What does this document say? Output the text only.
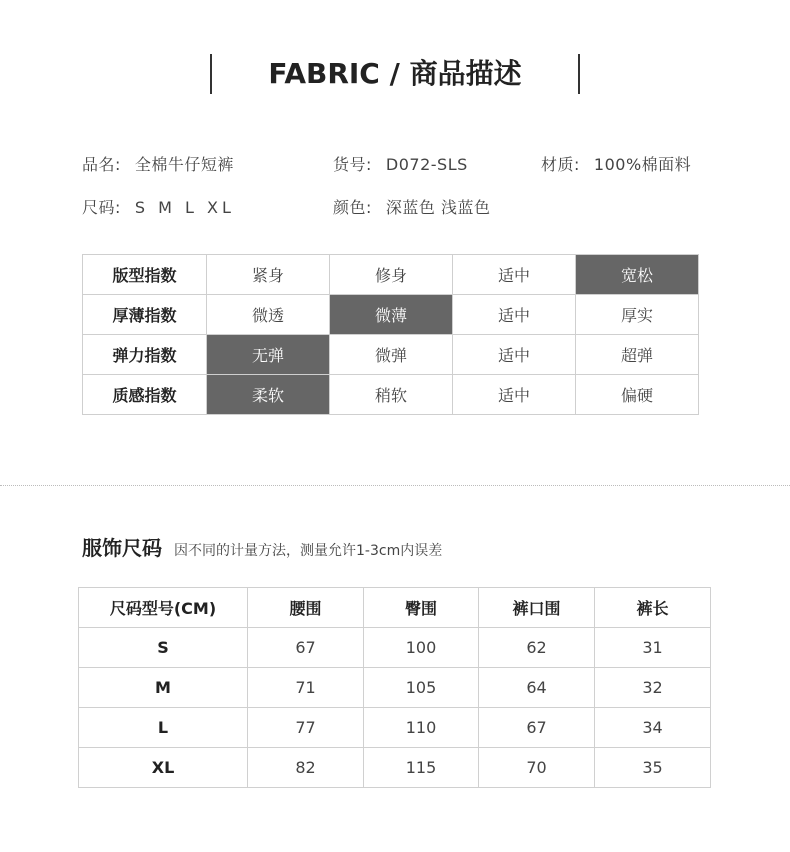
FABRIC / 商品描述
品名: 全棉牛仔短裤	货号: D072-SLS	材质: 100%棉面料
尺码: S M L XL	颜色: 深蓝色 浅蓝色
版型指数	紧身	修身	适中	宽松
厚薄指数	微透	微薄	适中	厚实
弹力指数	无弹	微弹	适中	超弹
质感指数	柔软	稍软	适中	偏硬
服饰尺码 因不同的计量方法，测量允许1-3cm内误差
尺码型号(CM)	腰围	臀围	裤口围	裤长
S	67	100	62	31
M	71	105	64	32
L	77	110	67	34
XL	82	115	70	35
